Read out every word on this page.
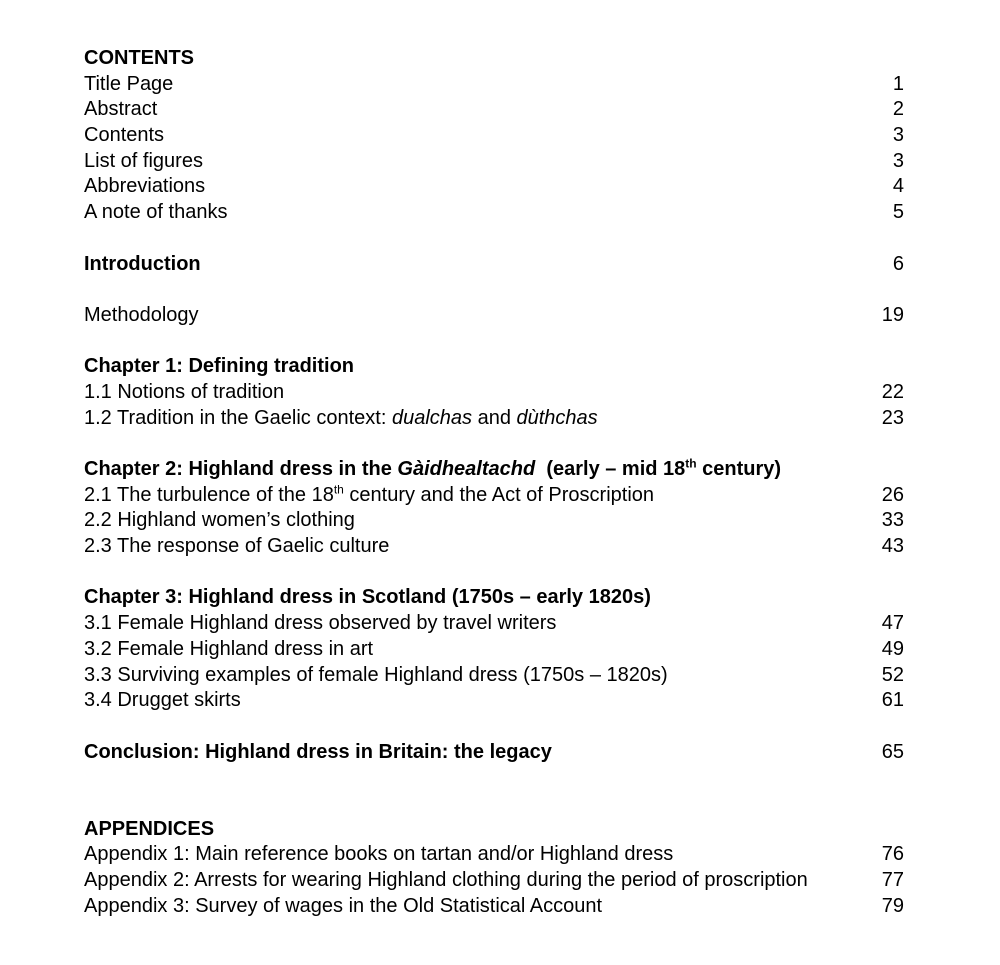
CONTENTS
Title Page	1
Abstract	2
Contents	3
List of figures	3
Abbreviations	4
A note of thanks	5
Introduction	6
Methodology	19
Chapter 1: Defining tradition
1.1 Notions of tradition	22
1.2 Tradition in the Gaelic context: dualchas and dùthchas	23
Chapter 2: Highland dress in the Gàidhealtachd  (early – mid 18th century)
2.1 The turbulence of the 18th century and the Act of Proscription	26
2.2 Highland women’s clothing	33
2.3 The response of Gaelic culture	43
Chapter 3: Highland dress in Scotland (1750s – early 1820s)
3.1 Female Highland dress observed by travel writers	47
3.2 Female Highland dress in art	49
3.3 Surviving examples of female Highland dress (1750s – 1820s)	52
3.4 Drugget skirts	61
Conclusion: Highland dress in Britain: the legacy	65
APPENDICES
Appendix 1: Main reference books on tartan and/or Highland dress	76
Appendix 2: Arrests for wearing Highland clothing during the period of proscription	77
Appendix 3: Survey of wages in the Old Statistical Account	79
